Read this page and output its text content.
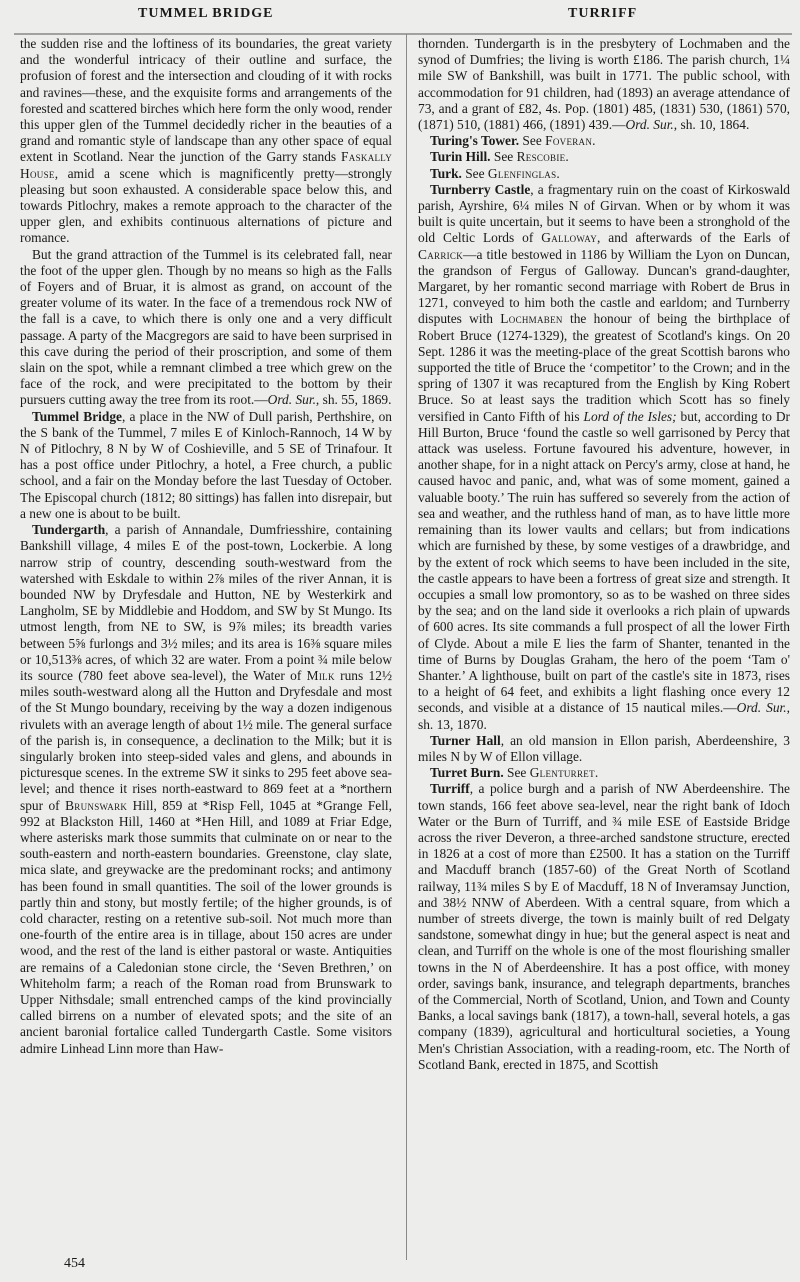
TUMMEL BRIDGE	TURRIFF

the sudden rise and the loftiness of its boundaries, the great variety and the wonderful intricacy of their outline and surface, the profusion of forest and the intersection and clouding of it with rocks and ravines—these, and the exquisite forms and arrangements of the forested and scattered birches which here form the only wood, render this upper glen of the Tummel decidedly richer in the beauties of a grand and romantic style of landscape than any other space of equal extent in Scotland. Near the junction of the Garry stands Faskally House, amid a scene which is magnificently pretty—strongly pleasing but soon exhausted. A considerable space below this, and towards Pitlochry, makes a remote approach to the character of the upper glen, and exhibits continuous alternations of picture and romance.

But the grand attraction of the Tummel is its celebrated fall, near the foot of the upper glen. Though by no means so high as the Falls of Foyers and of Bruar, it is almost as grand, on account of the greater volume of its water. In the face of a tremendous rock NW of the fall is a cave, to which there is only one and a very difficult passage. A party of the Macgregors are said to have been surprised in this cave during the period of their proscription, and some of them slain on the spot, while a remnant climbed a tree which grew on the face of the rock, and were precipitated to the bottom by their pursuers cutting away the tree from its root.—Ord. Sur., sh. 55, 1869.

Tummel Bridge, a place in the NW of Dull parish, Perthshire, on the S bank of the Tummel, 7 miles E of Kinloch-Rannoch, 14 W by N of Pitlochry, 8 N by W of Coshieville, and 5 SE of Trinafour. It has a post office under Pitlochry, a hotel, a Free church, a public school, and a fair on the Monday before the last Tuesday of October. The Episcopal church (1812; 80 sittings) has fallen into disrepair, but a new one is about to be built.

Tundergarth, a parish of Annandale, Dumfriesshire, containing Bankshill village, 4 miles E of the post-town, Lockerbie. A long narrow strip of country, descending south-westward from the watershed with Eskdale to within 2⅞ miles of the river Annan, it is bounded NW by Dryfesdale and Hutton, NE by Westerkirk and Langholm, SE by Middlebie and Hoddom, and SW by St Mungo. Its utmost length, from NE to SW, is 9⅞ miles; its breadth varies between 5⅝ furlongs and 3½ miles; and its area is 16⅜ square miles or 10,513⅜ acres, of which 32 are water. From a point ¾ mile below its source (780 feet above sea-level), the Water of Milk runs 12½ miles south-westward along all the Hutton and Dryfesdale and most of the St Mungo boundary, receiving by the way a dozen indigenous rivulets with an average length of about 1½ mile. The general surface of the parish is, in consequence, a declination to the Milk; but it is singularly broken into steep-sided vales and glens, and abounds in picturesque scenes. In the extreme SW it sinks to 295 feet above sea-level; and thence it rises north-eastward to 869 feet at a *northern spur of Brunswark Hill, 859 at *Risp Fell, 1045 at *Grange Fell, 992 at Blackston Hill, 1460 at *Hen Hill, and 1089 at Friar Edge, where asterisks mark those summits that culminate on or near to the south-eastern and north-eastern boundaries. Greenstone, clay slate, mica slate, and greywacke are the predominant rocks; and antimony has been found in small quantities. The soil of the lower grounds is partly thin and stony, but mostly fertile; of the higher grounds, is of cold character, resting on a retentive sub-soil. Not much more than one-fourth of the entire area is in tillage, about 150 acres are under wood, and the rest of the land is either pastoral or waste. Antiquities are remains of a Caledonian stone circle, the ‘Seven Brethren,’ on Whiteholm farm; a reach of the Roman road from Brunswark to Upper Nithsdale; small entrenched camps of the kind provincially called birrens on a number of elevated spots; and the site of an ancient baronial fortalice called Tundergarth Castle. Some visitors admire Linhead Linn more than Haw-

thornden. Tundergarth is in the presbytery of Lochmaben and the synod of Dumfries; the living is worth £186. The parish church, 1¼ mile SW of Bankshill, was built in 1771. The public school, with accommodation for 91 children, had (1893) an average attendance of 73, and a grant of £82, 4s. Pop. (1801) 485, (1831) 530, (1861) 570, (1871) 510, (1881) 466, (1891) 439.—Ord. Sur., sh. 10, 1864.

Turing's Tower. See Foveran.

Turin Hill. See Rescobie.

Turk. See Glenfinglas.

Turnberry Castle, a fragmentary ruin on the coast of Kirkoswald parish, Ayrshire, 6¼ miles N of Girvan. When or by whom it was built is quite uncertain, but it seems to have been a stronghold of the old Celtic Lords of Galloway, and afterwards of the Earls of Carrick—a title bestowed in 1186 by William the Lyon on Duncan, the grandson of Fergus of Galloway. Duncan's grand-daughter, Margaret, by her romantic second marriage with Robert de Brus in 1271, conveyed to him both the castle and earldom; and Turnberry disputes with Lochmaben the honour of being the birthplace of Robert Bruce (1274-1329), the greatest of Scotland's kings. On 20 Sept. 1286 it was the meeting-place of the great Scottish barons who supported the title of Bruce the ‘competitor’ to the Crown; and in the spring of 1307 it was recaptured from the English by King Robert Bruce. So at least says the tradition which Scott has so finely versified in Canto Fifth of his Lord of the Isles; but, according to Dr Hill Burton, Bruce ‘found the castle so well garrisoned by Percy that attack was useless. Fortune favoured his adventure, however, in another shape, for in a night attack on Percy's army, close at hand, he caused havoc and panic, and, what was of some moment, gained a valuable booty.’ The ruin has suffered so severely from the action of sea and weather, and the ruthless hand of man, as to have little more remaining than its lower vaults and cellars; but from indications which are furnished by these, by some vestiges of a drawbridge, and by the extent of rock which seems to have been included in the site, the castle appears to have been a fortress of great size and strength. It occupies a small low promontory, so as to be washed on three sides by the sea; and on the land side it overlooks a rich plain of upwards of 600 acres. Its site commands a full prospect of all the lower Firth of Clyde. About a mile E lies the farm of Shanter, tenanted in the time of Burns by Douglas Graham, the hero of the poem ‘Tam o' Shanter.’ A lighthouse, built on part of the castle's site in 1873, rises to a height of 64 feet, and exhibits a light flashing once every 12 seconds, and visible at a distance of 15 nautical miles.—Ord. Sur., sh. 13, 1870.

Turner Hall, an old mansion in Ellon parish, Aberdeenshire, 3 miles N by W of Ellon village.

Turret Burn. See Glenturret.

Turriff, a police burgh and a parish of NW Aberdeenshire. The town stands, 166 feet above sea-level, near the right bank of Idoch Water or the Burn of Turriff, and ¾ mile ESE of Eastside Bridge across the river Deveron, a three-arched sandstone structure, erected in 1826 at a cost of more than £2500. It has a station on the Turriff and Macduff branch (1857-60) of the Great North of Scotland railway, 11¾ miles S by E of Macduff, 18 N of Inveramsay Junction, and 38½ NNW of Aberdeen. With a central square, from which a number of streets diverge, the town is mainly built of red Delgaty sandstone, somewhat dingy in hue; but the general aspect is neat and clean, and Turriff on the whole is one of the most flourishing smaller towns in the N of Aberdeenshire. It has a post office, with money order, savings bank, insurance, and telegraph departments, branches of the Commercial, North of Scotland, Union, and Town and County Banks, a local savings bank (1817), a town-hall, several hotels, a gas company (1839), agricultural and horticultural societies, a Young Men's Christian Association, with a reading-room, etc. The North of Scotland Bank, erected in 1875, and Scottish

454
